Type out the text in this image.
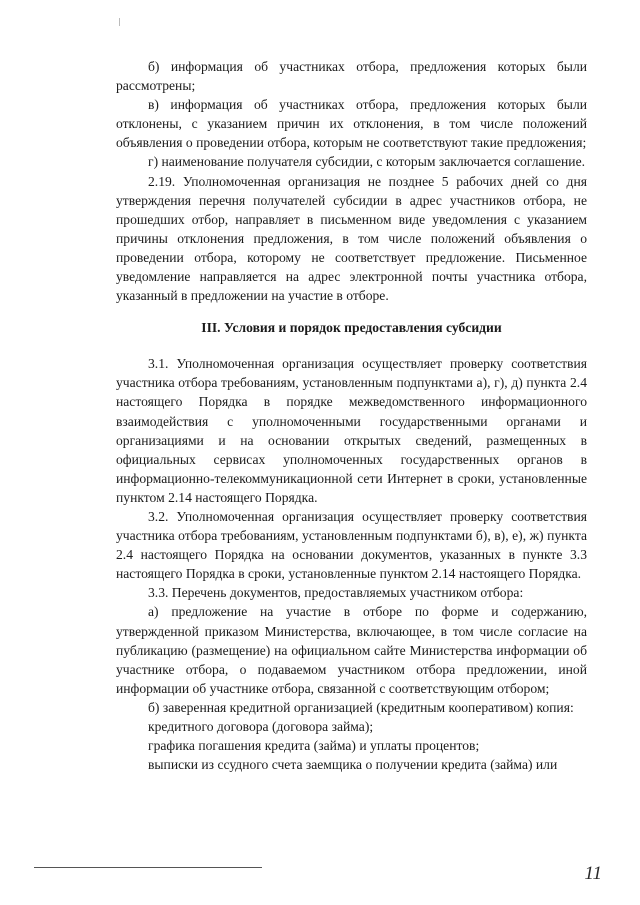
б) информация об участниках отбора, предложения которых были рассмотрены;

в) информация об участниках отбора, предложения которых были отклонены, с указанием причин их отклонения, в том числе положений объявления о проведении отбора, которым не соответствуют такие предложения;

г) наименование получателя субсидии, с которым заключается соглашение.

2.19. Уполномоченная организация не позднее 5 рабочих дней со дня утверждения перечня получателей субсидии в адрес участников отбора, не прошедших отбор, направляет в письменном виде уведомления с указанием причины отклонения предложения, в том числе положений объявления о проведении отбора, которому не соответствует предложение. Письменное уведомление направляется на адрес электронной почты участника отбора, указанный в предложении на участие в отборе.

III. Условия и порядок предоставления субсидии

3.1. Уполномоченная организация осуществляет проверку соответствия участника отбора требованиям, установленным подпунктами а), г), д) пункта 2.4 настоящего Порядка в порядке межведомственного информационного взаимодействия с уполномоченными государственными органами и организациями и на основании открытых сведений, размещенных в официальных сервисах уполномоченных государственных органов в информационно-телекоммуникационной сети Интернет в сроки, установленные пунктом 2.14 настоящего Порядка.

3.2. Уполномоченная организация осуществляет проверку соответствия участника отбора требованиям, установленным подпунктами б), в), е), ж) пункта 2.4 настоящего Порядка на основании документов, указанных в пункте 3.3 настоящего Порядка в сроки, установленные пунктом 2.14 настоящего Порядка.

3.3. Перечень документов, предоставляемых участником отбора:

а) предложение на участие в отборе по форме и содержанию, утвержденной приказом Министерства, включающее, в том числе согласие на публикацию (размещение) на официальном сайте Министерства информации об участнике отбора, о подаваемом участником отбора предложении, иной информации об участнике отбора, связанной с соответствующим отбором;

б) заверенная кредитной организацией (кредитным кооперативом) копия:

кредитного договора (договора займа);

графика погашения кредита (займа) и уплаты процентов;

выписки из ссудного счета заемщика о получении кредита (займа) или

11
